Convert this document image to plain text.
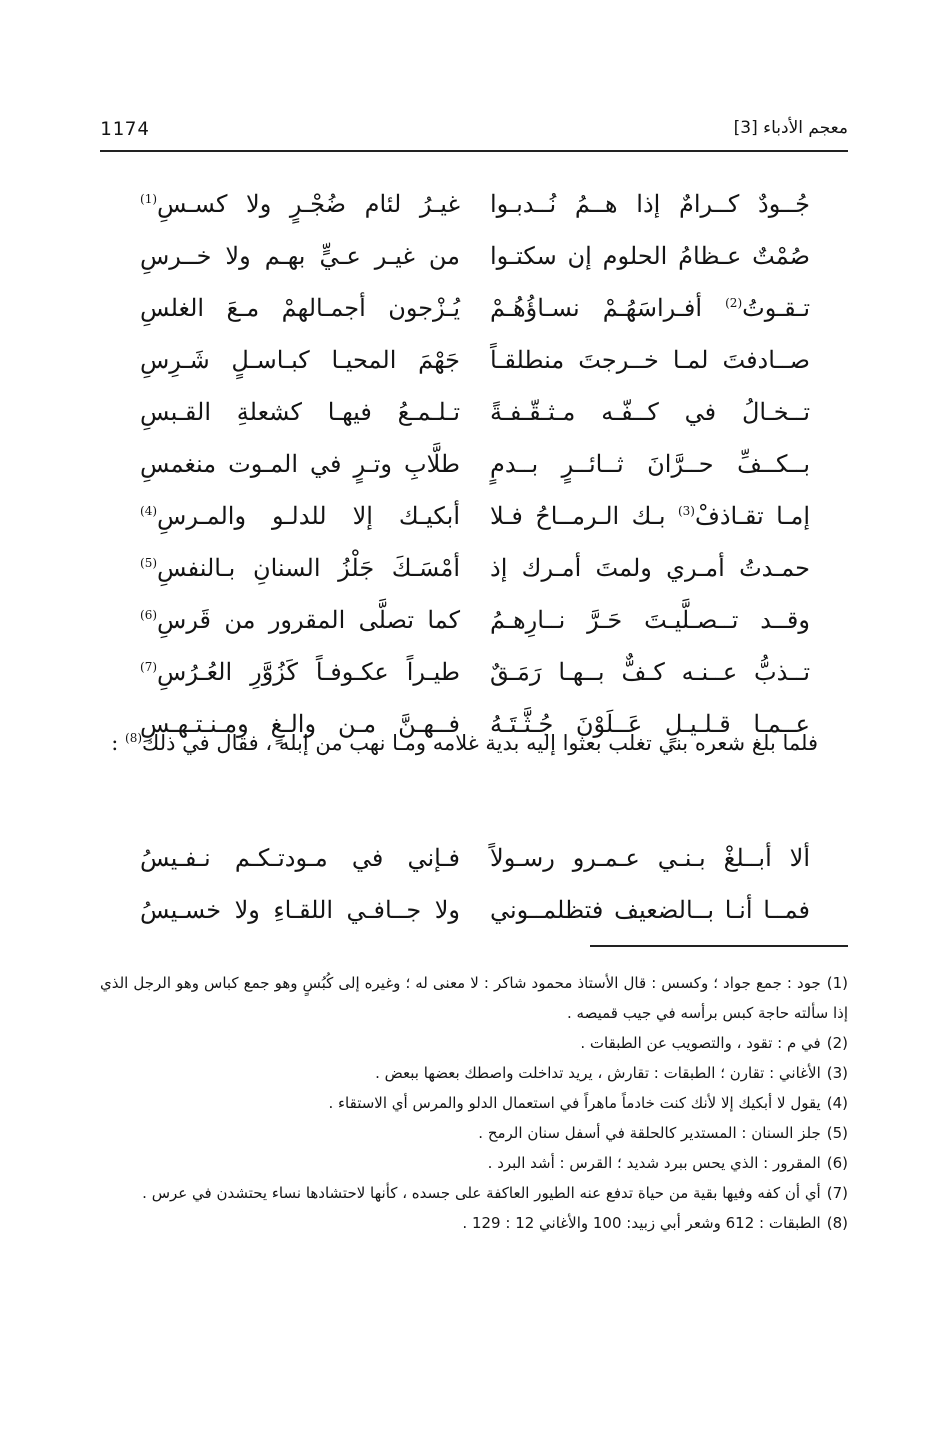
معجم الأدباء [3]
1174
جُــودٌ كــرامٌ إذا هــمُ نُــدبـوا
غيـرُ لئام ضُجْـرٍ ولا كسـسِ$^{(1)}$
صُمْتٌ عـظامُ الحلوم إن سكتـوا
من غيـر عـيٍّ بهـم ولا خــرسِ
تـقـوتُ$^{(2)}$ أفـراسَهُـمْ نسـاؤُهُـمْ
يُـزْجون أجمـالهمْ مـعَ الغلسِ
صــادفتَ لمـا خــرجتَ منطلقـاً
جَهْمَ المحيـا كبـاسـلٍ شَـرِسِ
تــخـالُ في كــفّـه مـثـقّـفـةً
تـلـمـعُ فيهـا كشعلةِ القـبسِ
بــكــفِّ حــرَّانَ ثــائــرٍ بــدمٍ
طلَّابِ وتـرٍ في المـوت منغمسِ
إمـا تقـاذفْ$^{(3)}$ بـك الـرمــاحُ فـلا
أبكيـك إلا للدلـو والمـرسِ$^{(4)}$
حمـدتُ أمـري ولمتَ أمـرك إذ
أمْسَـكَ جَلْزُ السنانِ بـالنفسِ$^{(5)}$
وقــد تــصـلَّيـتَ حَـرَّ نــارِهـمُ
كما تصلَّى المقرور من قَرسِ$^{(6)}$
تــذبُّ عــنـه كـفٌّ بــهـا رَمَـقٌ
طيـراً عكـوفـاً كَزُوَّرِ العُـرُسِ$^{(7)}$
عــمـا قـلـيـلٍ عَــلَوْنَ جُـثَّـتَـهُ
فــهـنَّ مـن والـغٍ ومـنـتـهـسِ
فلما بلغ شعره بني تغلب بعثوا إليه بدية غلامه ومـا نهب من إبله ، فقال في ذلك$^{(8)}$ :
ألا أبــلغْ بـنـي عـمـرو رسـولاً
فـإني في مـودتـكـم نـفـيسُ
فمــا أنـا بــالضعيف فتظلمــوني
ولا جــافـي اللقـاءِ ولا خسـيسُ
(1)جود : جمع جواد ؛ وكسس : قال الأستاذ محمود شاكر : لا معنى له ؛ وغيره إلى كُبُسٍ وهو جمع كباس وهو الرجل الذي إذا سألته حاجة كبس برأسه في جيب قميصه .
(2)في م : تقود ، والتصويب عن الطبقات .
(3)الأغاني : تقارن ؛ الطبقات : تقارش ، يريد تداخلت واصطك بعضها ببعض .
(4)يقول لا أبكيك إلا لأنك كنت خادماً ماهراً في استعمال الدلو والمرس أي الاستقاء .
(5)جلز السنان : المستدير كالحلقة في أسفل سنان الرمح .
(6)المقرور : الذي يحس ببرد شديد ؛ القرس : أشد البرد .
(7)أي أن كفه وفيها بقية من حياة تدفع عنه الطيور العاكفة على جسده ، كأنها لاحتشادها نساء يحتشدن في عرس .
(8)الطبقات : 612 وشعر أبي زبيد: 100 والأغاني 12 : 129 .
